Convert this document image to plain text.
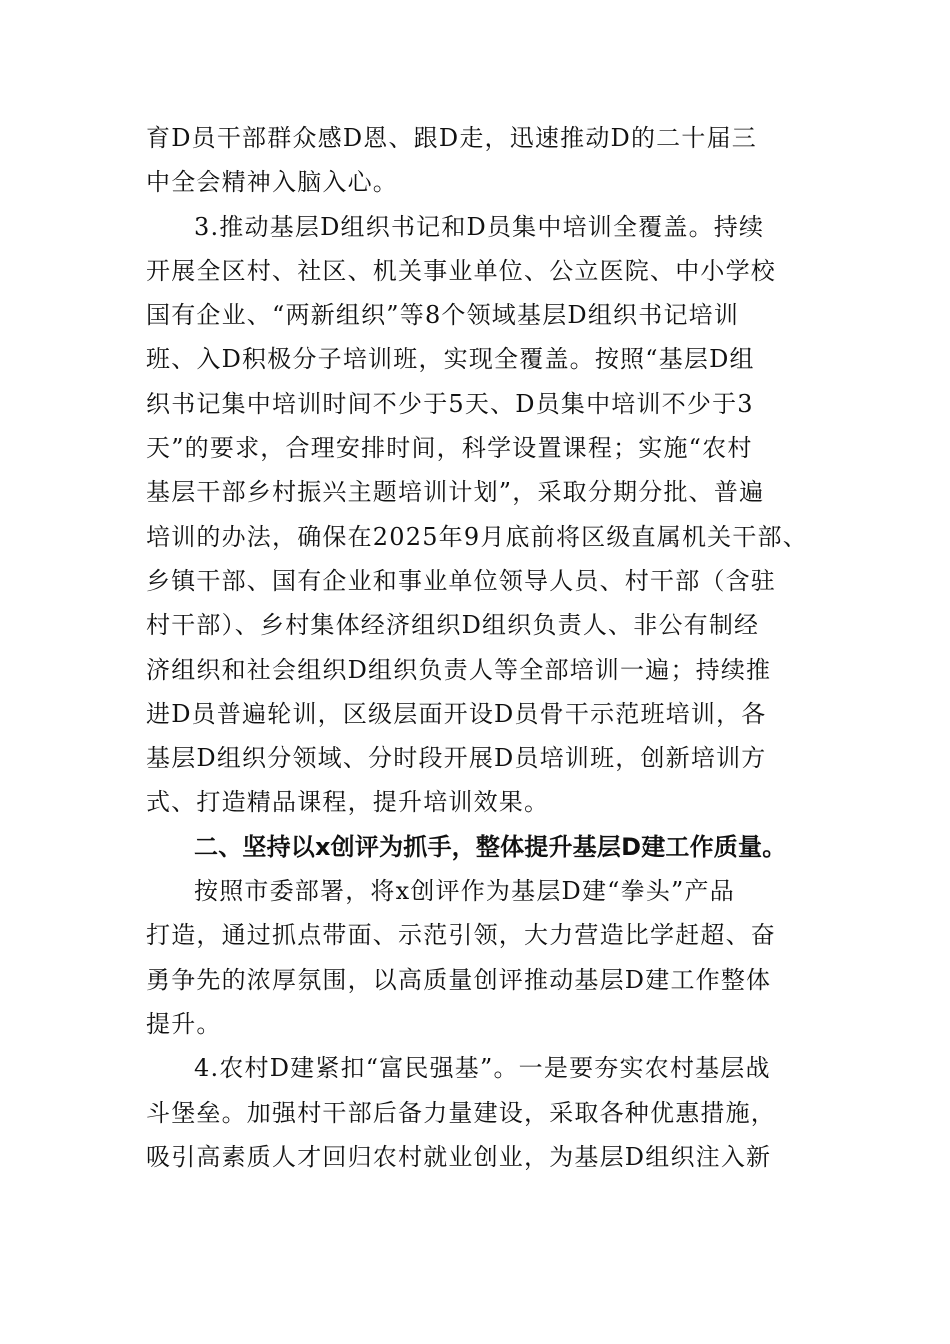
育D员干部群众感D恩、跟D走，迅速推动D的二十届三
中全会精神入脑入心。
3.推动基层D组织书记和D员集中培训全覆盖。持续
开展全区村、社区、机关事业单位、公立医院、中小学校
国有企业、“两新组织”等8个领域基层D组织书记培训
班、入D积极分子培训班，实现全覆盖。按照“基层D组
织书记集中培训时间不少于5天、D员集中培训不少于3
天”的要求，合理安排时间，科学设置课程；实施“农村
基层干部乡村振兴主题培训计划”，采取分期分批、普遍
培训的办法，确保在2025年9月底前将区级直属机关干部、
乡镇干部、国有企业和事业单位领导人员、村干部（含驻
村干部）、乡村集体经济组织D组织负责人、非公有制经
济组织和社会组织D组织负责人等全部培训一遍；持续推
进D员普遍轮训，区级层面开设D员骨干示范班培训，各
基层D组织分领域、分时段开展D员培训班，创新培训方
式、打造精品课程，提升培训效果。
二、坚持以x创评为抓手，整体提升基层D建工作质量。
按照市委部署，将x创评作为基层D建“拳头”产品
打造，通过抓点带面、示范引领，大力营造比学赶超、奋
勇争先的浓厚氛围，以高质量创评推动基层D建工作整体
提升。
4.农村D建紧扣“富民强基”。一是要夯实农村基层战
斗堡垒。加强村干部后备力量建设，采取各种优惠措施，
吸引高素质人才回归农村就业创业，为基层D组织注入新
